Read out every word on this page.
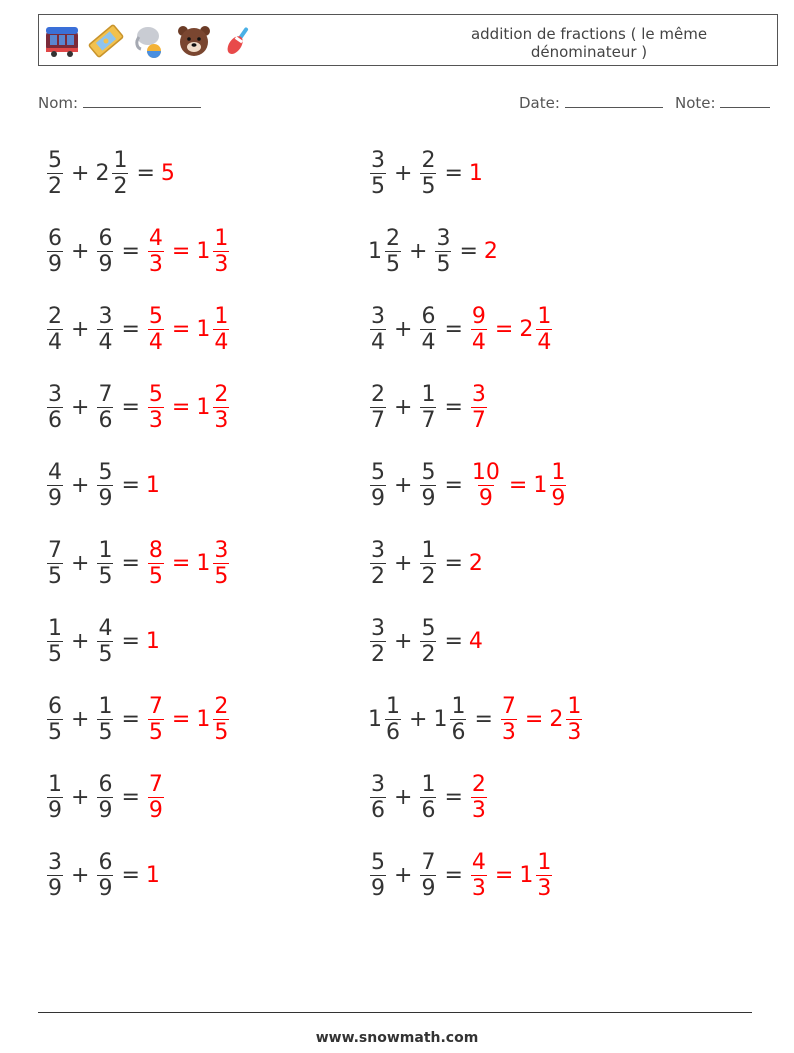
addition de fractions ( le même dénominateur )
Nom:	Date:	Note:
$\frac{5}{2} + 2 \frac{1}{2} = 5$	$\frac{3}{5} + \frac{2}{5} = 1$
$\frac{6}{9} + \frac{6}{9} = \frac{4}{3} = 1 \frac{1}{3}$	$1 \frac{2}{5} + \frac{3}{5} = 2$
$\frac{2}{4} + \frac{3}{4} = \frac{5}{4} = 1 \frac{1}{4}$	$\frac{3}{4} + \frac{6}{4} = \frac{9}{4} = 2 \frac{1}{4}$
$\frac{3}{6} + \frac{7}{6} = \frac{5}{3} = 1 \frac{2}{3}$	$\frac{2}{7} + \frac{1}{7} = \frac{3}{7}$
$\frac{4}{9} + \frac{5}{9} = 1$	$\frac{5}{9} + \frac{5}{9} = \frac{10}{9} = 1 \frac{1}{9}$
$\frac{7}{5} + \frac{1}{5} = \frac{8}{5} = 1 \frac{3}{5}$	$\frac{3}{2} + \frac{1}{2} = 2$
$\frac{1}{5} + \frac{4}{5} = 1$	$\frac{3}{2} + \frac{5}{2} = 4$
$\frac{6}{5} + \frac{1}{5} = \frac{7}{5} = 1 \frac{2}{5}$	$1 \frac{1}{6} + 1 \frac{1}{6} = \frac{7}{3} = 2 \frac{1}{3}$
$\frac{1}{9} + \frac{6}{9} = \frac{7}{9}$	$\frac{3}{6} + \frac{1}{6} = \frac{2}{3}$
$\frac{3}{9} + \frac{6}{9} = 1$	$\frac{5}{9} + \frac{7}{9} = \frac{4}{3} = 1 \frac{1}{3}$
www.snowmath.com
